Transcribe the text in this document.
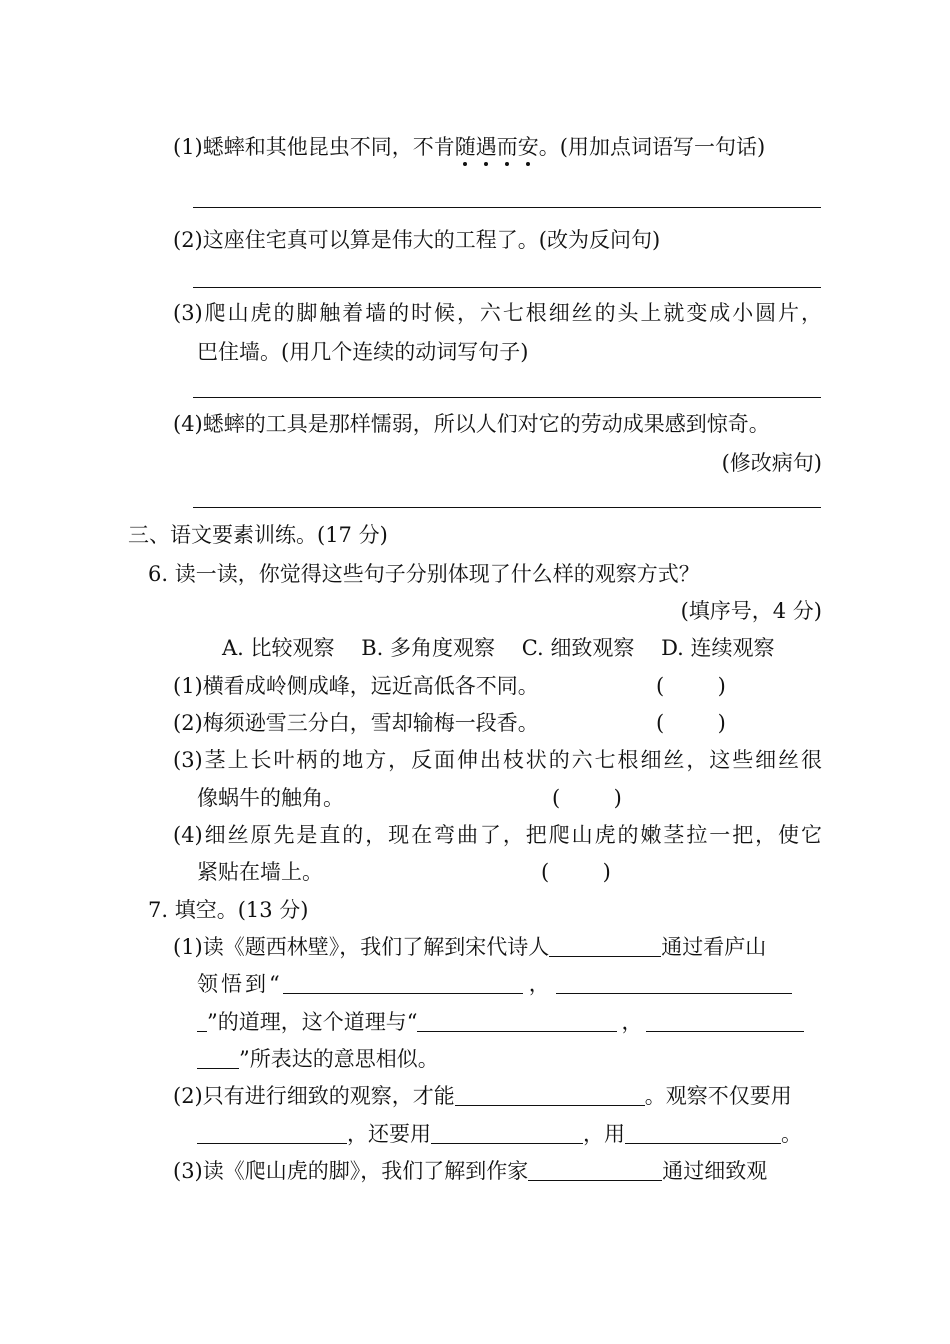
(1)蟋蟀和其他昆虫不同，不肯随遇而安。(用加点词语写一句话)
(2)这座住宅真可以算是伟大的工程了。(改为反问句)
(3)爬山虎的脚触着墙的时候，六七根细丝的头上就变成小圆片，
巴住墙。(用几个连续的动词写句子)
(4)蟋蟀的工具是那样懦弱，所以人们对它的劳动成果感到惊奇。
(修改病句)
三、语文要素训练。(17 分)
6. 读一读，你觉得这些句子分别体现了什么样的观察方式？
(填序号，4 分)
A. 比较观察    B. 多角度观察    C. 细致观察    D. 连续观察
(1)横看成岭侧成峰，远近高低各不同。	(        )
(2)梅须逊雪三分白，雪却输梅一段香。	(        )
(3)茎上长叶柄的地方，反面伸出枝状的六七根细丝，这些细丝很
像蜗牛的触角。	(        )
(4)细丝原先是直的，现在弯曲了，把爬山虎的嫩茎拉一把，使它
紧贴在墙上。	(        )
7. 填空。(13 分)
(1)读《题西林壁》，我们了解到宋代诗人	通过看庐山
领悟到“	，
”的道理，这个道理与“	，
”所表达的意思相似。
(2)只有进行细致的观察，才能	。观察不仅要用
，还要用	，用	。
(3)读《爬山虎的脚》，我们了解到作家	通过细致观
